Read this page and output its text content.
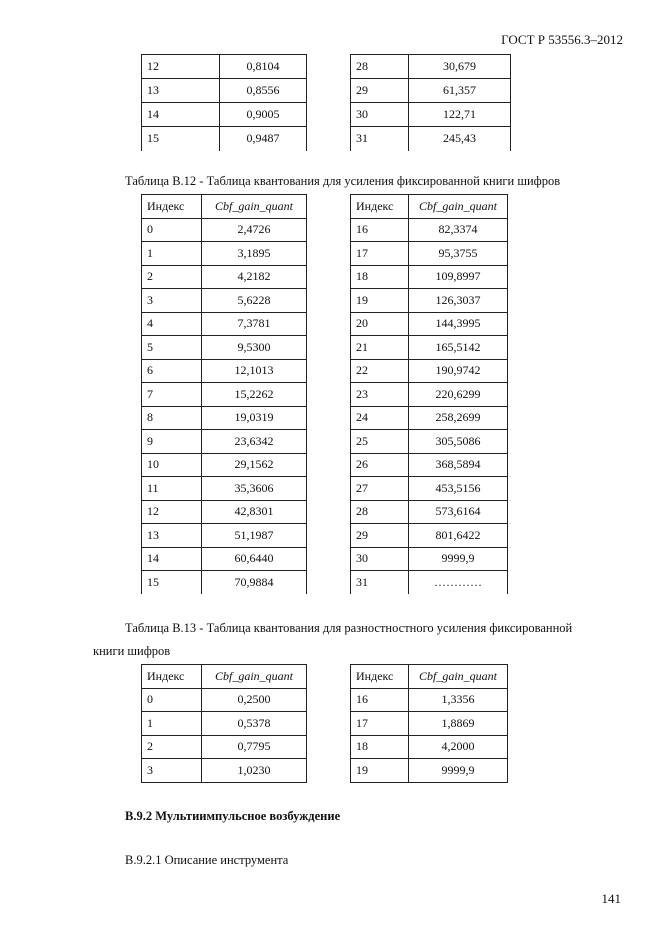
ГОСТ Р 53556.3–2012
12	0,8104
13	0,8556
14	0,9005
15	0,9487
28	30,679
29	61,357
30	122,71
31	245,43
Таблица В.12 - Таблица квантования для усиления фиксированной книги шифров
Индекс	Cbf_gain_quant
0	2,4726
1	3,1895
2	4,2182
3	5,6228
4	7,3781
5	9,5300
6	12,1013
7	15,2262
8	19,0319
9	23,6342
10	29,1562
11	35,3606
12	42,8301
13	51,1987
14	60,6440
15	70,9884
Индекс	Cbf_gain_quant
16	82,3374
17	95,3755
18	109,8997
19	126,3037
20	144,3995
21	165,5142
22	190,9742
23	220,6299
24	258,2699
25	305,5086
26	368,5894
27	453,5156
28	573,6164
29	801,6422
30	9999,9
31	…………
Таблица В.13 - Таблица квантования для разностностного усиления фиксированной
книги шифров
Индекс	Cbf_gain_quant
0	0,2500
1	0,5378
2	0,7795
3	1,0230
Индекс	Cbf_gain_quant
16	1,3356
17	1,8869
18	4,2000
19	9999,9
В.9.2 Мультиимпульсное возбуждение
В.9.2.1 Описание инструмента
141
